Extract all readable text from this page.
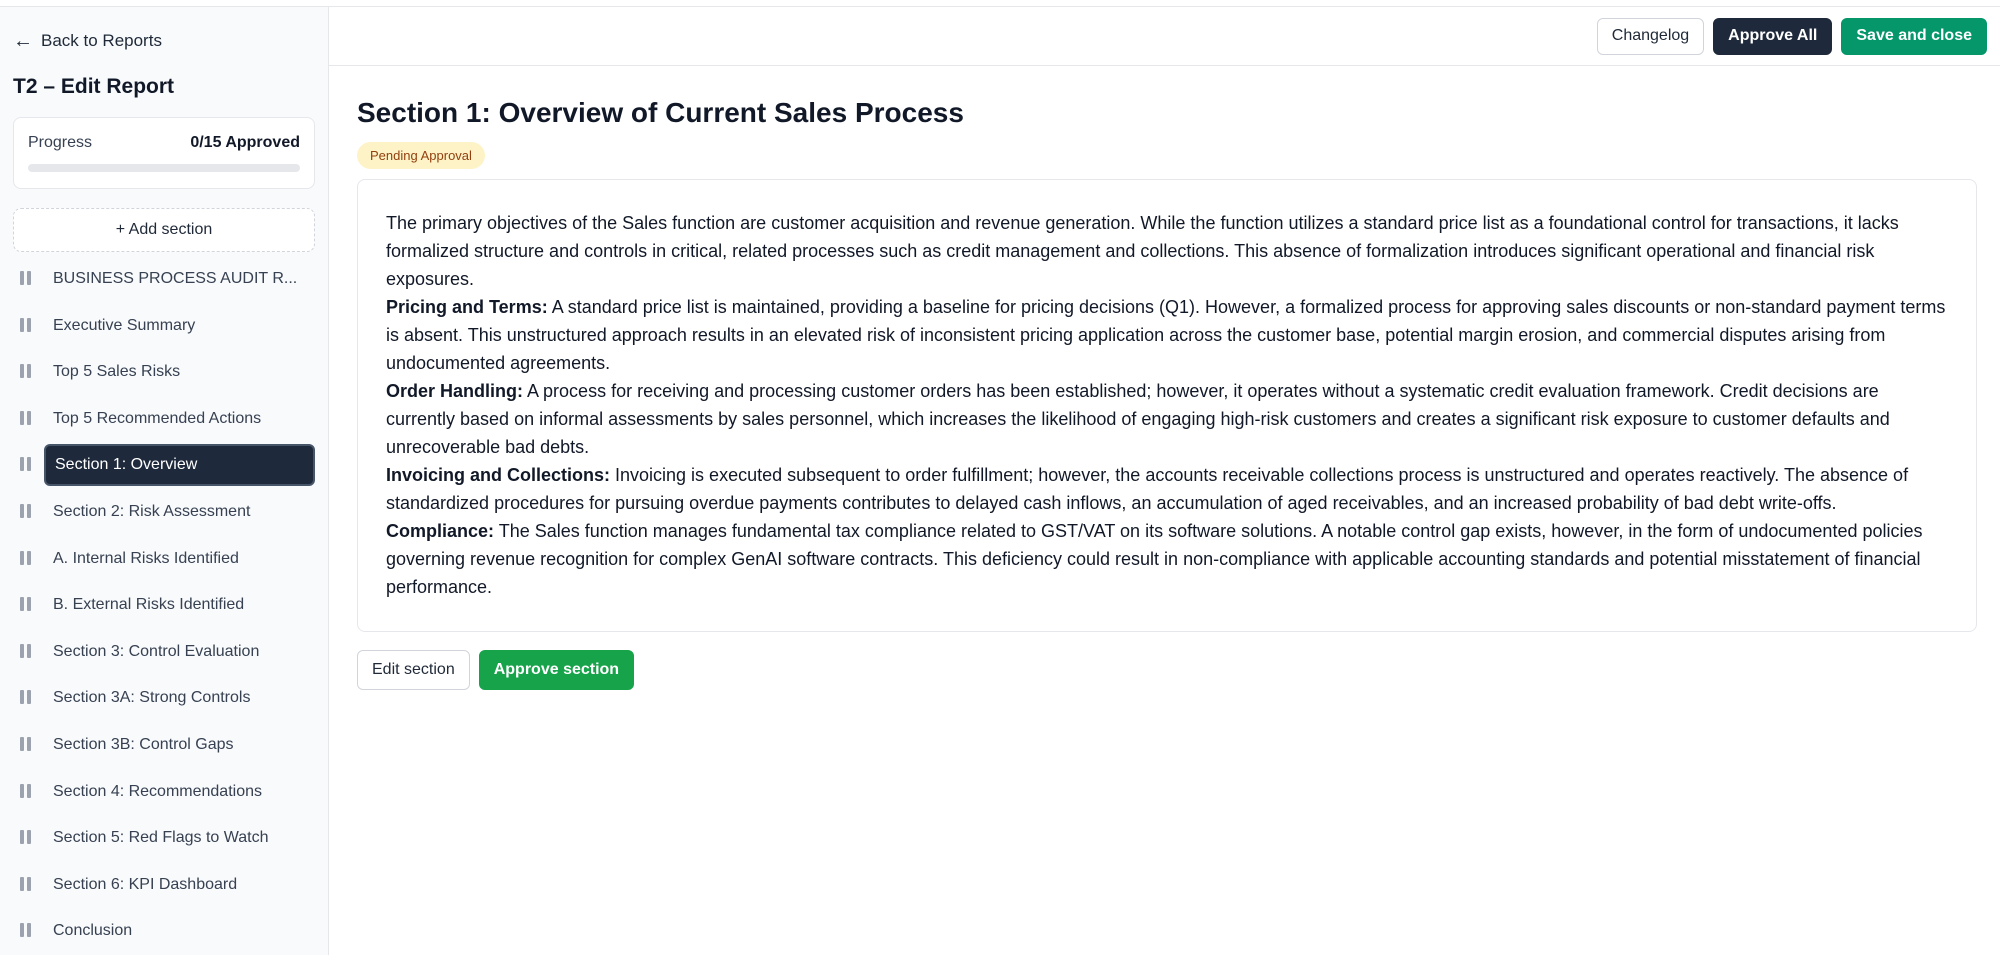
← Back to Reports
T2 – Edit Report
Progress	0/15 Approved
+ Add section
BUSINESS PROCESS AUDIT R...
Executive Summary
Top 5 Sales Risks
Top 5 Recommended Actions
Section 1: Overview
Section 2: Risk Assessment
A. Internal Risks Identified
B. External Risks Identified
Section 3: Control Evaluation
Section 3A: Strong Controls
Section 3B: Control Gaps
Section 4: Recommendations
Section 5: Red Flags to Watch
Section 6: KPI Dashboard
Conclusion
Changelog	Approve All	Save and close
Section 1: Overview of Current Sales Process
Pending Approval

The primary objectives of the Sales function are customer acquisition and revenue generation. While the function utilizes a standard price list as a foundational control for transactions, it lacks formalized structure and controls in critical, related processes such as credit management and collections. This absence of formalization introduces significant operational and financial risk exposures.

Pricing and Terms: A standard price list is maintained, providing a baseline for pricing decisions (Q1). However, a formalized process for approving sales discounts or non-standard payment terms is absent. This unstructured approach results in an elevated risk of inconsistent pricing application across the customer base, potential margin erosion, and commercial disputes arising from undocumented agreements.

Order Handling: A process for receiving and processing customer orders has been established; however, it operates without a systematic credit evaluation framework. Credit decisions are currently based on informal assessments by sales personnel, which increases the likelihood of engaging high-risk customers and creates a significant risk exposure to customer defaults and unrecoverable bad debts.

Invoicing and Collections: Invoicing is executed subsequent to order fulfillment; however, the accounts receivable collections process is unstructured and operates reactively. The absence of standardized procedures for pursuing overdue payments contributes to delayed cash inflows, an accumulation of aged receivables, and an increased probability of bad debt write-offs.

Compliance: The Sales function manages fundamental tax compliance related to GST/VAT on its software solutions. A notable control gap exists, however, in the form of undocumented policies governing revenue recognition for complex GenAI software contracts. This deficiency could result in non-compliance with applicable accounting standards and potential misstatement of financial performance.

Edit section	Approve section
